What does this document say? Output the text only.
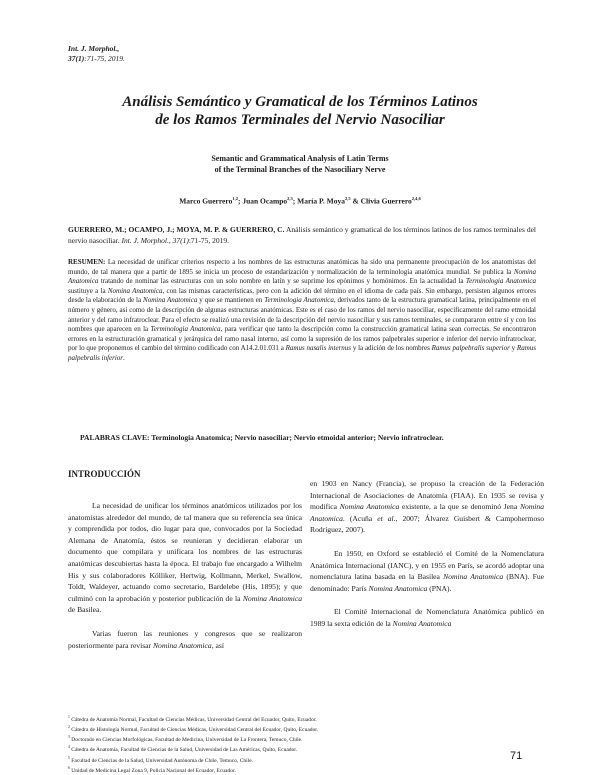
Int. J. Morphol.,
37(1):71-75, 2019.
Análisis Semántico y Gramatical de los Términos Latinos
de los Ramos Terminales del Nervio Nasociliar
Semantic and Grammatical Analysis of Latin Terms
of the Terminal Branches of the Nasociliary Nerve
Marco Guerrero$^{1,2}$; Juan Ocampo$^{2,3}$; María P. Moya$^{2,5}$ & Clivia Guerrero$^{2,4,6}$
GUERRERO, M.; OCAMPO, J.; MOYA, M. P. & GUERRERO, C. Análisis semántico y gramatical de los términos latinos de los ramos terminales del nervio nasociliar. Int. J. Morphol., 37(1):71-75, 2019.
RESUMEN: La necesidad de unificar criterios respecto a los nombres de las estructuras anatómicas ha sido una permanente preocupación de los anatomistas del mundo, de tal manera que a partir de 1895 se inicia un proceso de estandarización y normalización de la terminología anatómica mundial. Se publica la Nomina Anatomica tratando de nominar las estructuras con un solo nombre en latín y se suprime los epónimos y homónimos. En la actualidad la Terminologia Anatomica sustituye a la Nomina Anatomica, con las mismas características, pero con la adición del término en el idioma de cada país. Sin embargo, persisten algunos errores desde la elaboración de la Nomina Anatomica y que se mantienen en Terminologia Anatomica, derivados tanto de la estructura gramatical latina, principalmente en el número y género, así como de la descripción de algunas estructuras anatómicas. Este es el caso de los ramos del nervio nasociliar, específicamente del ramo etmoidal anterior y del ramo infratroclear. Para el efecto se realizó una revisión de la descripción del nervio nasociliar y sus ramos terminales, se compararon entre sí y con los nombres que aparecen en la Terminologia Anatomica, para verificar que tanto la descripción como la construcción gramatical latina sean correctas. Se encontraron errores en la estructuración gramatical y jerárquica del ramo nasal interno, así como la supresión de los ramos palpebrales superior e inferior del nervio infratroclear, por lo que proponemos el cambio del término codificado con A14.2.01.031 a Ramus nasalis internus y la adición de los nombres Ramus palpebralis superior y Ramus palpebralis inferior.
PALABRAS CLAVE: Terminologia Anatomica; Nervio nasociliar; Nervio etmoidal anterior; Nervio infratroclear.
INTRODUCCIÓN

La necesidad de unificar los términos anatómicos utilizados por los anatomistas alrededor del mundo, de tal manera que su referencia sea única y comprendida por todos, dio lugar para que, convocados por la Sociedad Alemana de Anatomía, éstos se reunieran y decidieran elaborar un documento que compilara y unificara los nombres de las estructuras anatómicas descubiertas hasta la época. El trabajo fue encargado a Wilhelm His y sus colaboradores Kölliker, Hertwig, Kollmann, Merkel, Swallow, Toldt, Waldeyer, actuando como secretario, Bardelebe (His, 1895); y que culminó con la aprobación y posterior publicación de la Nomina Anatomica de Basilea.

Varias fueron las reuniones y congresos que se realizaron posteriormente para revisar Nomina Anatomica, así

en 1903 en Nancy (Francia), se propuso la creación de la Federación Internacional de Asociaciones de Anatomía (FIAA). En 1935 se revisa y modifica Nomina Anatomica existente, a la que se denominó Jena Nomina Anatomica. (Acuña et al., 2007; Álvarez Guisbert & Campohermoso Rodríguez, 2007).

En 1950, en Oxford se estableció el Comité de la Nomenclatura Anatómica Internacional (IANC), y en 1955 en París, se acordó adoptar una nomenclatura latina basada en la Basilea Nomina Anatomica (BNA). Fue denominado: París Nomina Anatomica (PNA).

El Comité Internacional de Nomenclatura Anatómica publicó en 1989 la sexta edición de la Nomina Anatomica

$^1$ Cátedra de Anatomía Normal, Facultad de Ciencias Médicas, Universidad Central del Ecuador, Quito, Ecuador.
$^2$ Cátedra de Histología Normal, Facultad de Ciencias Médicas, Universidad Central del Ecuador, Quito, Ecuador.
$^3$ Doctorado en Ciencias Morfológicas, Facultad de Medicina, Universidad de La Frontera, Temuco, Chile.
$^4$ Cátedra de Anatomía, Facultad de Ciencias de la Salud, Universidad de Las Américas, Quito, Ecuador.
$^5$ Facultad de Ciencias de la Salud, Universidad Autónoma de Chile, Temuco, Chile.
$^6$ Unidad de Medicina Legal Zona 9, Policía Nacional del Ecuador, Ecuador.
71
